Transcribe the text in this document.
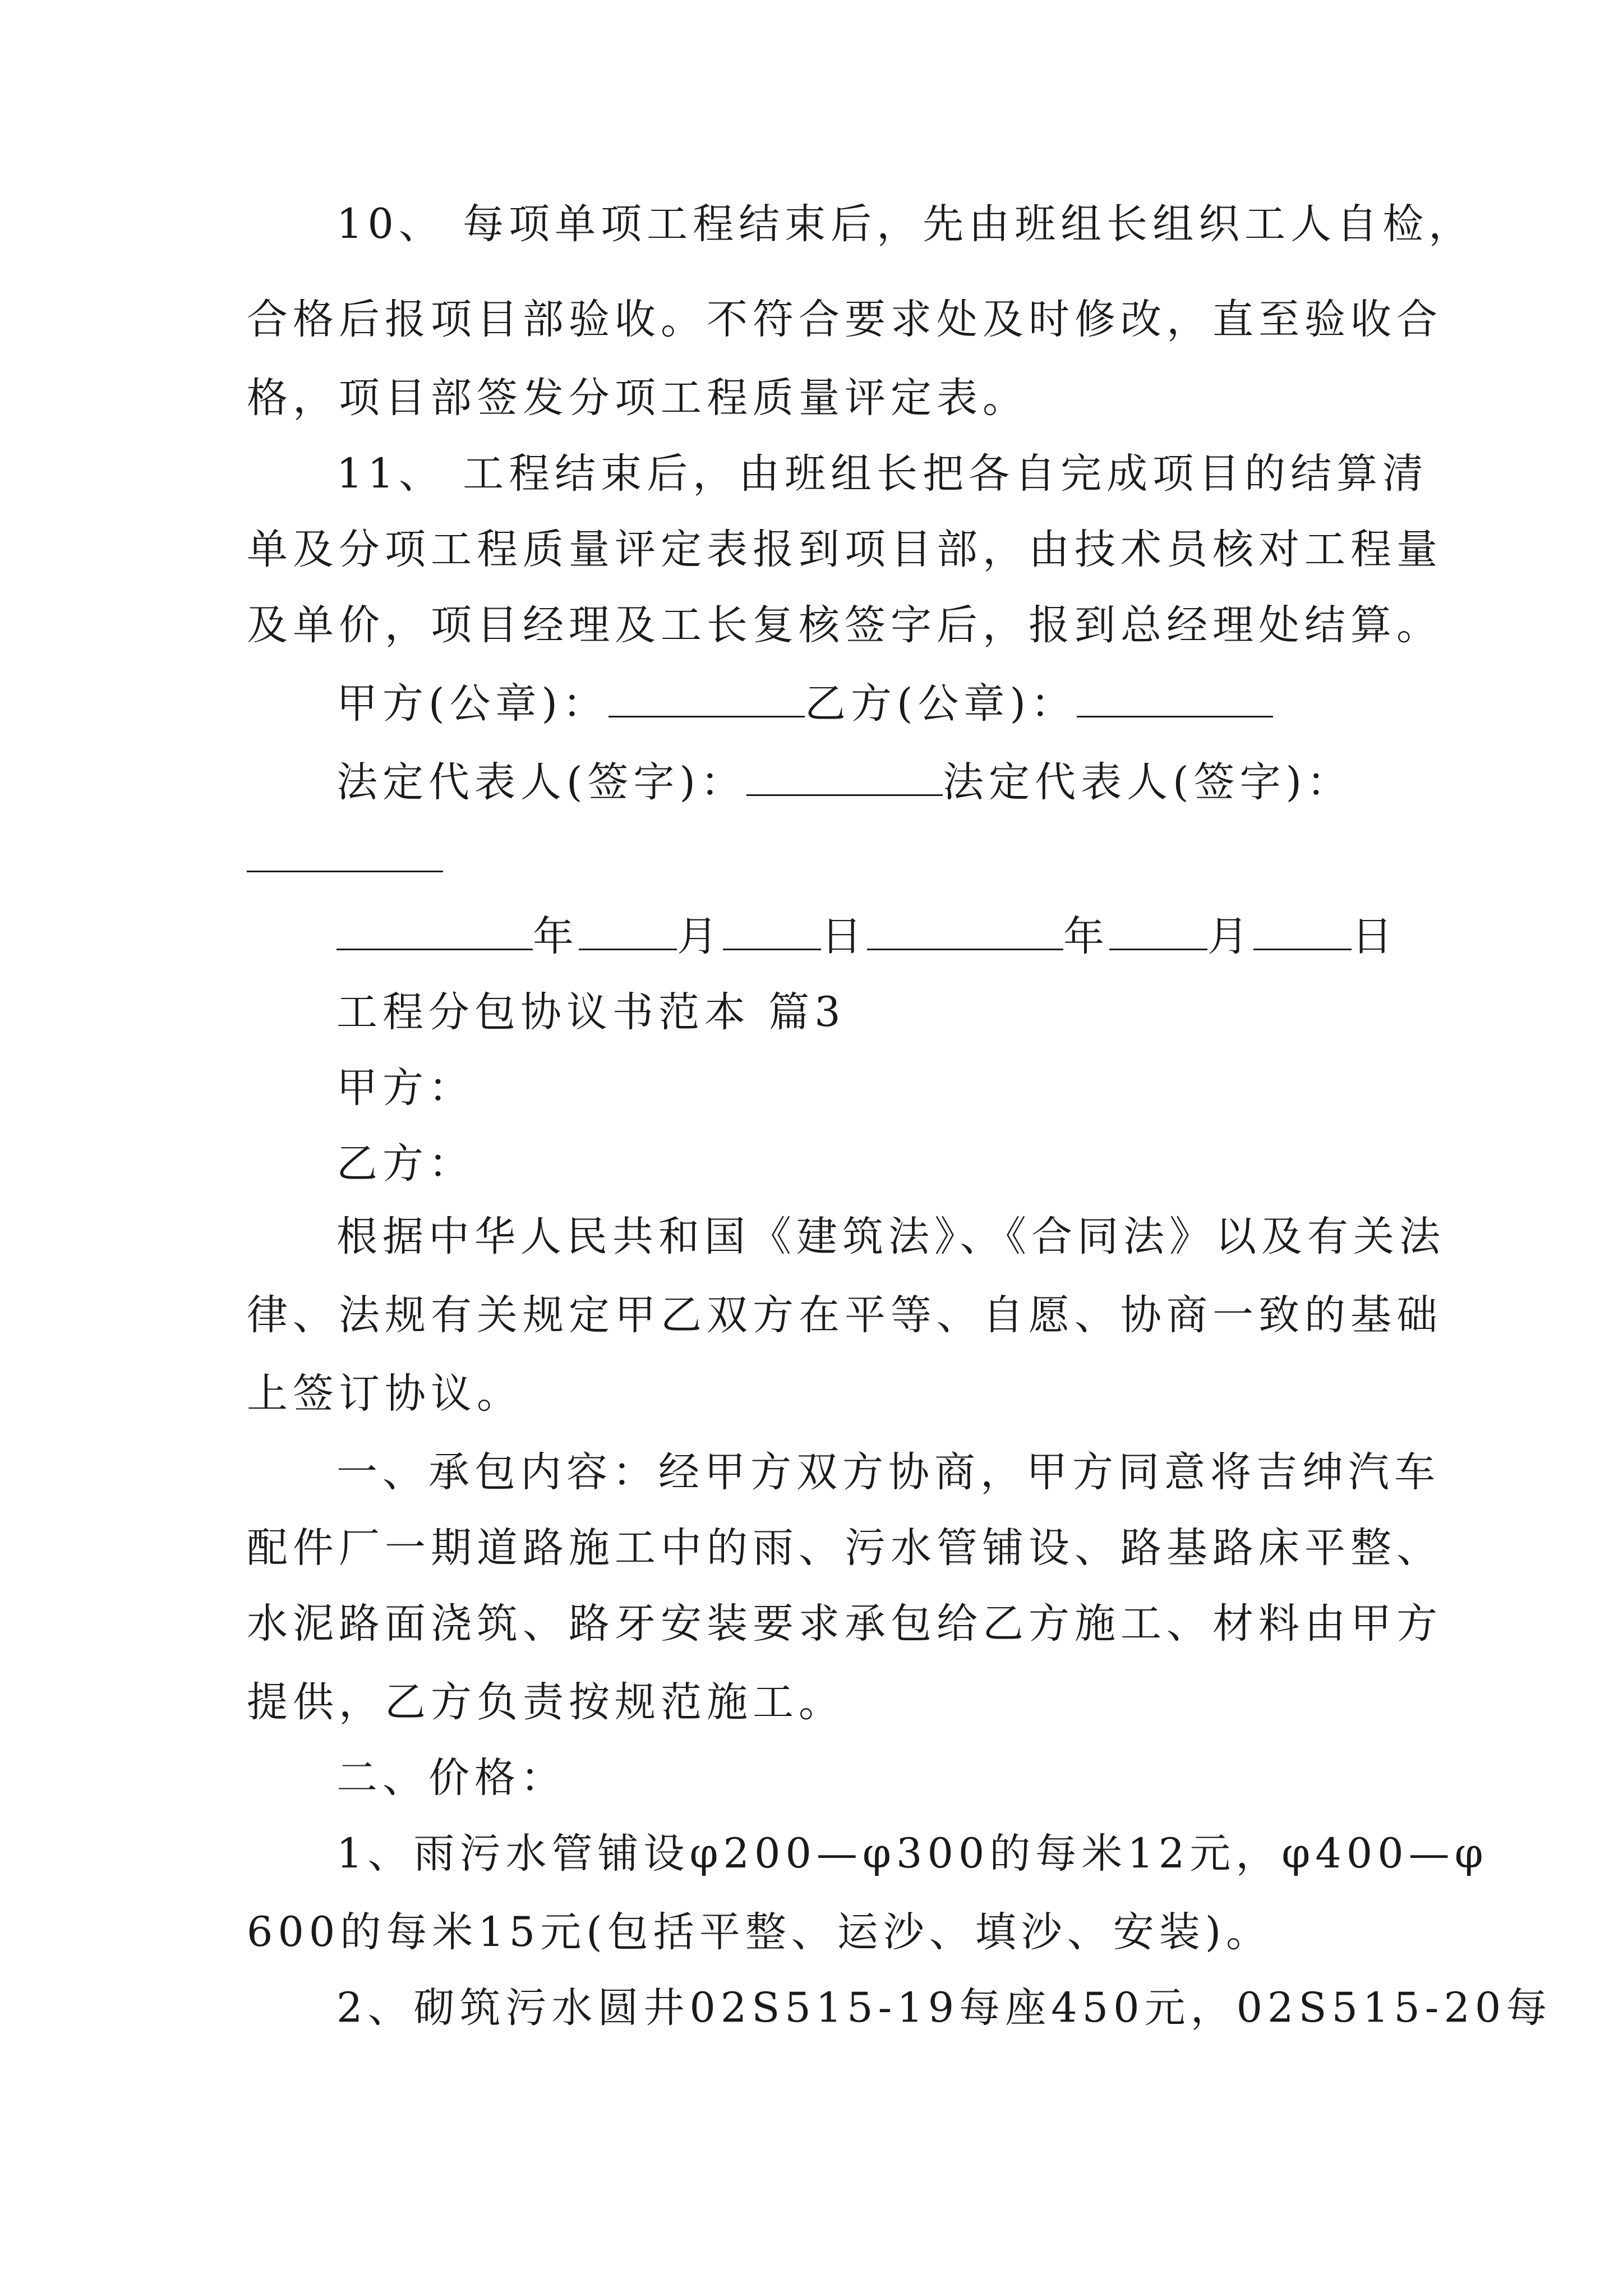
10、 每项单项工程结束后，先由班组长组织工人自检，
合格后报项目部验收。不符合要求处及时修改，直至验收合
格，项目部签发分项工程质量评定表。
11、 工程结束后，由班组长把各自完成项目的结算清
单及分项工程质量评定表报到项目部，由技术员核对工程量
及单价，项目经理及工长复核签字后，报到总经理处结算。
甲方(公章)：	乙方(公章)：
法定代表人(签字)：	法定代表人(签字)：
年 月 日	年 月 日
工程分包协议书范本 篇3
甲方：
乙方：
根据中华人民共和国《建筑法》、《合同法》以及有关法
律、法规有关规定甲乙双方在平等、自愿、协商一致的基础
上签订协议。
一、承包内容：经甲方双方协商，甲方同意将吉绅汽车
配件厂一期道路施工中的雨、污水管铺设、路基路床平整、
水泥路面浇筑、路牙安装要求承包给乙方施工、材料由甲方
提供，乙方负责按规范施工。
二、价格：
1、雨污水管铺设φ200—φ300的每米12元，φ400—φ
600的每米15元(包括平整、运沙、填沙、安装)。
2、砌筑污水圆井02S515-19每座450元，02S515-20每
